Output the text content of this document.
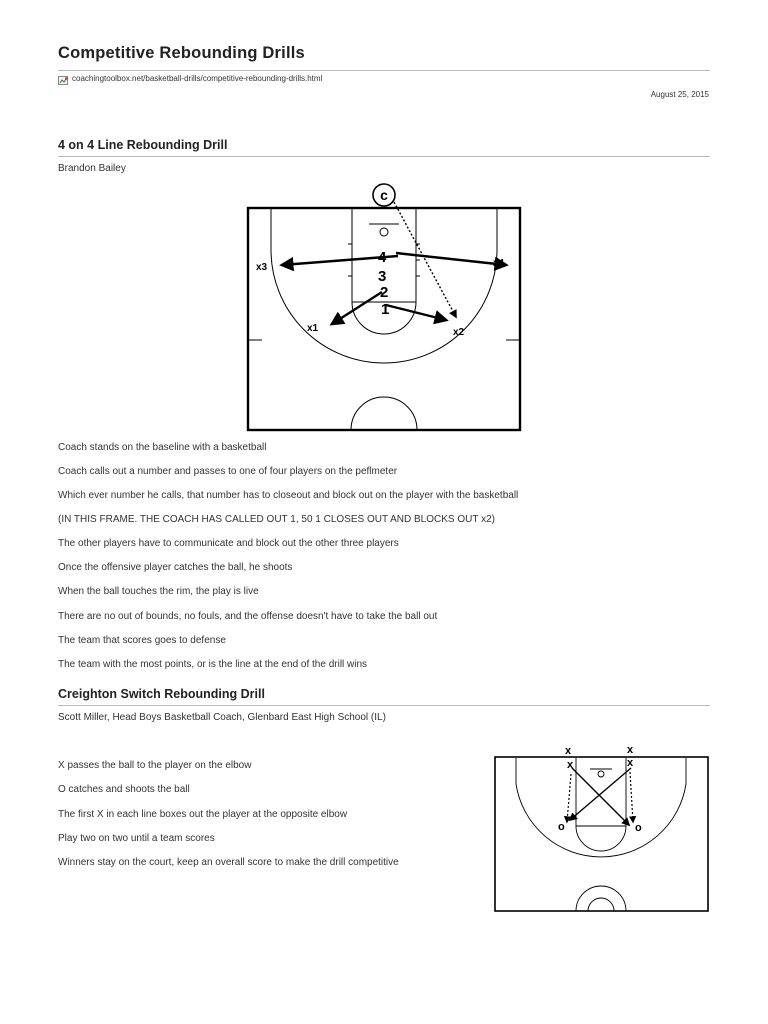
Competitive Rebounding Drills
coachingtoolbox.net/basketball-drills/competitive-rebounding-drills.html
August 25, 2015
4 on 4 Line Rebounding Drill
Brandon Bailey
c
4
3
2
1
x3	x4
x1	x2
Coach stands on the baseline with a basketball
Coach calls out a number and passes to one of four players on the peflmeter
Which ever number he calls, that number has to closeout and block out on the player with the basketball
(IN THIS FRAME. THE COACH HAS CALLED OUT 1, 50 1 CLOSES OUT AND BLOCKS OUT x2)
The other players have to communicate and block out the other three players
Once the offensive player catches the ball, he shoots
When the ball touches the rim, the play is live
There are no out of bounds, no fouls, and the offense doesn't have to take the ball out
The team that scores goes to defense
The team with the most points, or is the line at the end of the drill wins
Creighton Switch Rebounding Drill
Scott Miller, Head Boys Basketball Coach, Glenbard East High School (IL)
X passes the ball to the player on the elbow
O catches and shoots the ball
The first X in each line boxes out the player at the opposite elbow
Play two on two until a team scores
Winners stay on the court, keep an overall score to make the drill competitive
x	x
x	x
o	o
